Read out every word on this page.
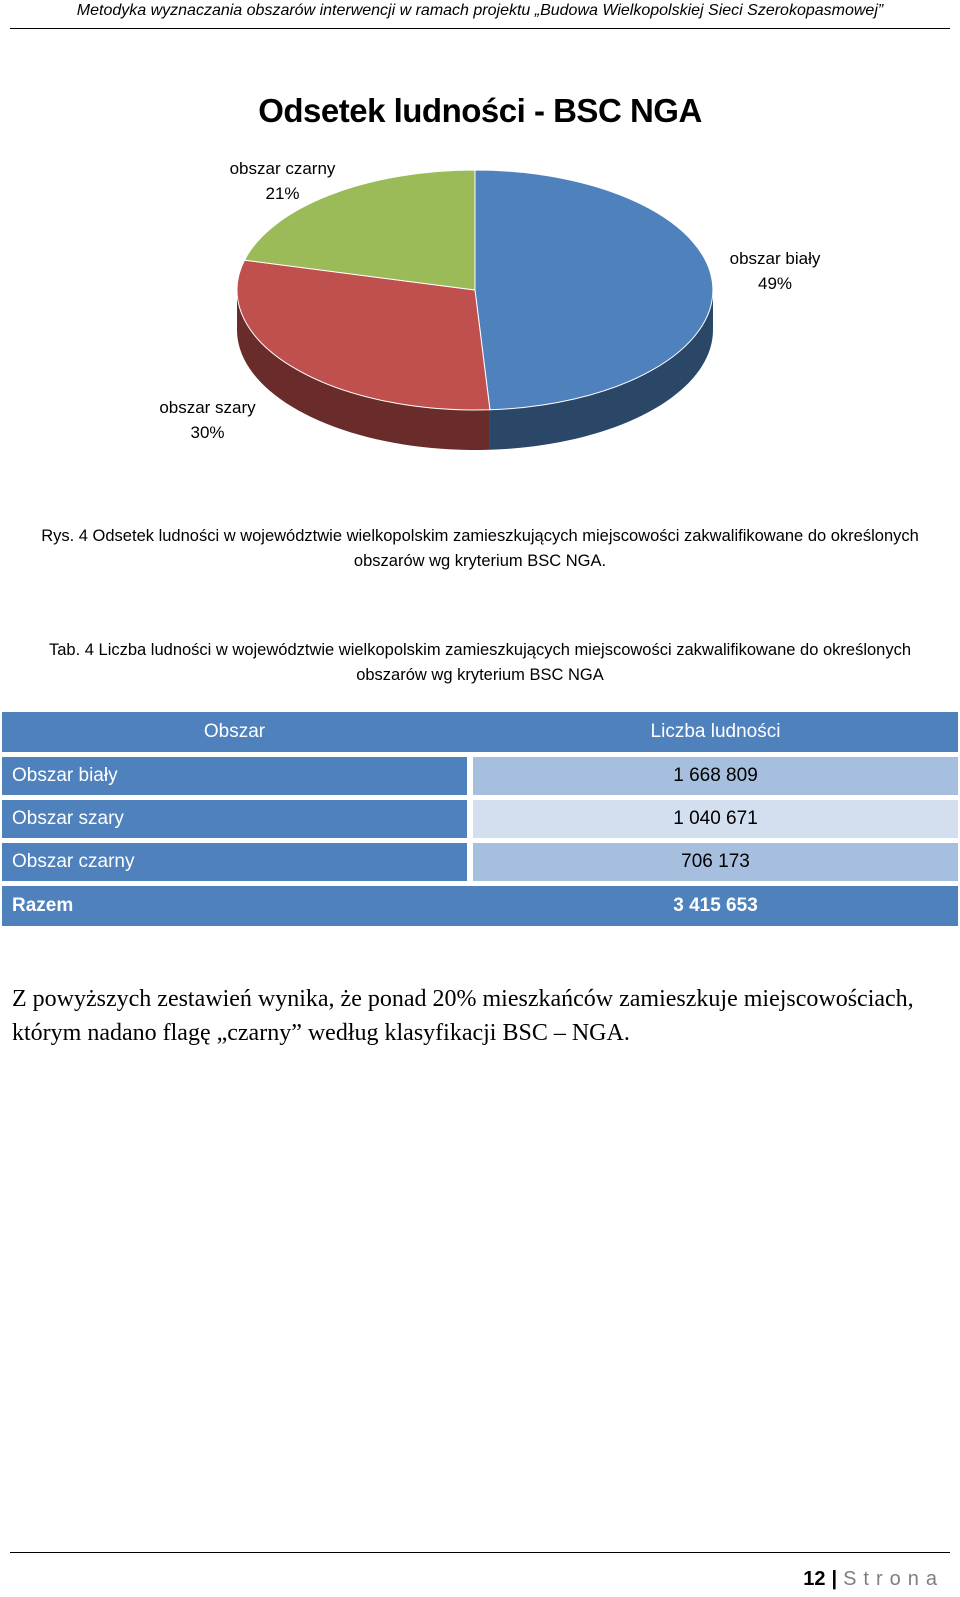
Metodyka wyznaczania obszarów interwencji w ramach projektu „Budowa Wielkopolskiej Sieci Szerokopasmowej”
Odsetek ludności - BSC NGA
obszar czarny
21%
obszar biały
49%
obszar szary
30%
Rys. 4 Odsetek ludności w województwie wielkopolskim zamieszkujących miejscowości zakwalifikowane do określonych obszarów wg kryterium BSC NGA.
Tab. 4 Liczba ludności w województwie wielkopolskim zamieszkujących miejscowości zakwalifikowane do określonych obszarów wg kryterium BSC NGA
Obszar		Liczba ludności

Obszar biały		1 668 809

Obszar szary		1 040 671

Obszar czarny		706 173

Razem		3 415 653
Z powyższych zestawień wynika, że ponad 20% mieszkańców zamieszkuje miejscowościach, którym nadano flagę „czarny” według klasyfikacji BSC – NGA.
12 | Strona
